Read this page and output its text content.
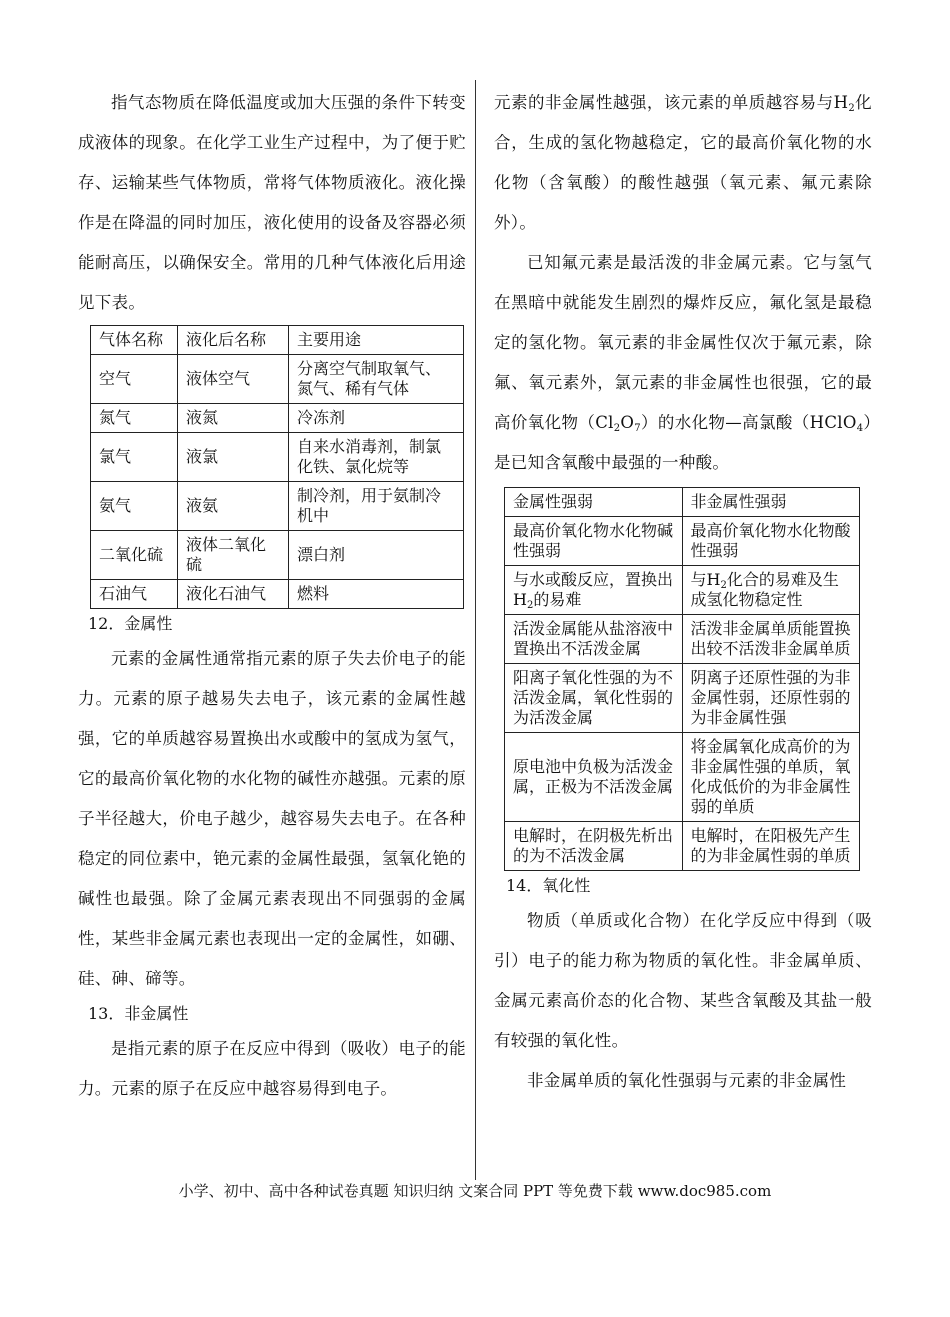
指气态物质在降低温度或加大压强的条件下转变成液体的现象。在化学工业生产过程中，为了便于贮存、运输某些气体物质，常将气体物质液化。液化操作是在降温的同时加压，液化使用的设备及容器必须能耐高压，以确保安全。常用的几种气体液化后用途见下表。

气体名称	液化后名称	主要用途
空气	液体空气	分离空气制取氧气、氮气、稀有气体
氮气	液氮	冷冻剂
氯气	液氯	自来水消毒剂，制氯化铁、氯化烷等
氨气	液氨	制冷剂，用于氨制冷机中
二氧化硫	液体二氧化硫	漂白剂
石油气	液化石油气	燃料

12．金属性

元素的金属性通常指元素的原子失去价电子的能力。元素的原子越易失去电子，该元素的金属性越强，它的单质越容易置换出水或酸中的氢成为氢气，它的最高价氧化物的水化物的碱性亦越强。元素的原子半径越大，价电子越少，越容易失去电子。在各种稳定的同位素中，铯元素的金属性最强，氢氧化铯的碱性也最强。除了金属元素表现出不同强弱的金属性，某些非金属元素也表现出一定的金属性，如硼、硅、砷、碲等。

13．非金属性

是指元素的原子在反应中得到（吸收）电子的能力。元素的原子在反应中越容易得到电子。

元素的非金属性越强，该元素的单质越容易与$H_2$化合，生成的氢化物越稳定，它的最高价氧化物的水化物（含氧酸）的酸性越强（氧元素、氟元素除外）。

已知氟元素是最活泼的非金属元素。它与氢气在黑暗中就能发生剧烈的爆炸反应，氟化氢是最稳定的氢化物。氧元素的非金属性仅次于氟元素，除氟、氧元素外，氯元素的非金属性也很强，它的最高价氧化物$(Cl_2O_7)$的水化物—高氯酸（HClO$_4$）是已知含氧酸中最强的一种酸。

金属性强弱	非金属性强弱
最高价氧化物水化物碱性强弱	最高价氧化物水化物酸性强弱
与水或酸反应，置换出$H_2$的易难	与$H_2$化合的易难及生成氢化物稳定性
活泼金属能从盐溶液中置换出不活泼金属	活泼非金属单质能置换出较不活泼非金属单质
阳离子氧化性强的为不活泼金属，氧化性弱的为活泼金属	阴离子还原性强的为非金属性弱，还原性弱的为非金属性强
原电池中负极为活泼金属，正极为不活泼金属	将金属氧化成高价的为非金属性强的单质，氧化成低价的为非金属性弱的单质
电解时，在阴极先析出的为不活泼金属	电解时，在阳极先产生的为非金属性弱的单质

14．氧化性

物质（单质或化合物）在化学反应中得到（吸引）电子的能力称为物质的氧化性。非金属单质、金属元素高价态的化合物、某些含氧酸及其盐一般有较强的氧化性。

非金属单质的氧化性强弱与元素的非金属性

小学、初中、高中各种试卷真题 知识归纳 文案合同 PPT 等免费下载 www.doc985.com
